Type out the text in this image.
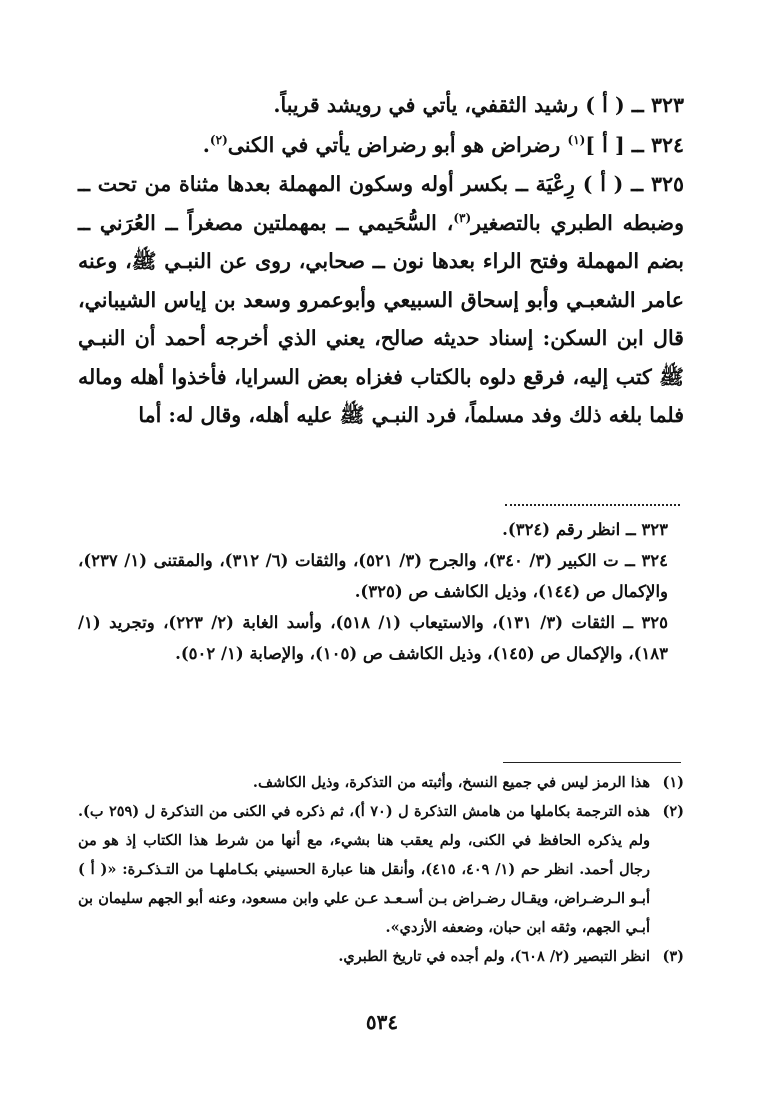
٣٢٣ ــ ( أ ) رشيد الثقفي، يأتي في رويشد قريباً.

٣٢٤ ــ [ أ ]$^{(١)}$ رضراض هو أبو رضراض يأتي في الكنى$^{(٢)}$.

٣٢٥ ــ ( أ ) رِعْيَة ــ بكسر أوله وسكون المهملة بعدها مثناة من تحت ــ وضبطه الطبري بالتصغير$^{(٣)}$، السُّحَيمي ــ بمهملتين مصغراً ــ العُرَني ــ بضم المهملة وفتح الراء بعدها نون ــ صحابي، روى عن النبـي ﷺ، وعنه عامر الشعبـي وأبو إسحاق السبيعي وأبوعمرو وسعد بن إياس الشيباني، قال ابن السكن: إسناد حديثه صالح، يعني الذي أخرجه أحمد أن النبـي ﷺ كتب إليه، فرقع دلوه بالكتاب فغزاه بعض السرايا، فأخذوا أهله وماله فلما بلغه ذلك وفد مسلماً، فرد النبـي ﷺ عليه أهله، وقال له: أما

٣٢٣ ــ انظر رقم (٣٢٤).

٣٢٤ ــ ت الكبير (٣/ ٣٤٠)، والجرح (٣/ ٥٢١)، والثقات (٦/ ٣١٢)، والمقتنى (١/ ٢٣٧)، والإكمال ص (١٤٤)، وذيل الكاشف ص (٣٢٥).

٣٢٥ ــ الثقات (٣/ ١٣١)، والاستيعاب (١/ ٥١٨)، وأسد الغابة (٢/ ٢٢٣)، وتجريد (١/ ١٨٣)، والإكمال ص (١٤٥)، وذيل الكاشف ص (١٠٥)، والإصابة (١/ ٥٠٢).

(١)
هذا الرمز ليس في جميع النسخ، وأثبته من التذكرة، وذيل الكاشف.
(٢)
هذه الترجمة بكاملها من هامش التذكرة ل (٧٠ أ)، ثم ذكره في الكنى من التذكرة ل (٢٥٩ ب). ولم يذكره الحافظ في الكنى، ولم يعقب هنا بشيء، مع أنها من شرط هذا الكتاب إذ هو من رجال أحمد. انظر حم (١/ ٤٠٩، ٤١٥)، وأنقل هنا عبارة الحسيني بكـاملهـا من التـذكـرة: «( أ ) أبـو الـرضـراض، ويقـال رضـراض بـن أسـعـد عـن علي وابن مسعود، وعنه أبو الجهم سليمان بن أبـي الجهم، وثقه ابن حبان، وضعفه الأزدي».
(٣)
انظر التبصير (٢/ ٦٠٨)، ولم أجده في تاريخ الطبري.
٥٣٤
